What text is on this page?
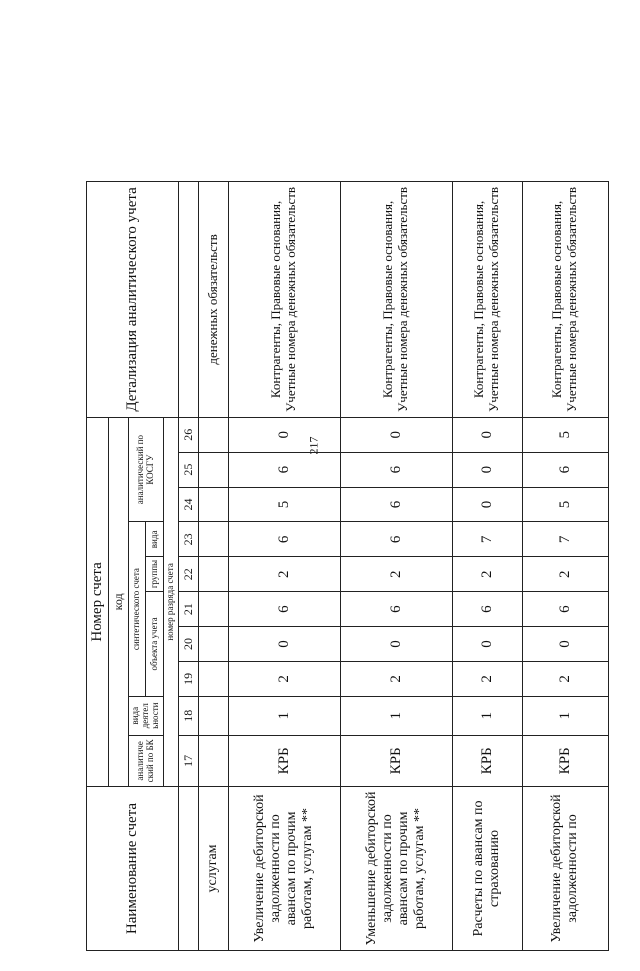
217
Наименование счета	Номер счета										Детализация аналитического учета
	код										
	аналитиче ский по БК	вида деятел ьности	синтетического счета					аналитический по КОСГУ			
			объекта учета			группы	вида				
	номер разряда счета										
	17	18	19	20	21	22	23	24	25	26	
услугам											денежных обязательств
Увеличение дебиторской задолженности по авансам по прочим работам, услугам **	КРБ	1	2	0	6	2	6	5	6	0	Контрагенты, Правовые основания, Учетные номера денежных обязательств
Уменьшение дебиторской задолженности по авансам по прочим работам, услугам **	КРБ	1	2	0	6	2	6	6	6	0	Контрагенты, Правовые основания, Учетные номера денежных обязательств
Расчеты по авансам по страхованию	КРБ	1	2	0	6	2	7	0	0	0	Контрагенты, Правовые основания, Учетные номера денежных обязательств
Увеличение дебиторской задолженности по	КРБ	1	2	0	6	2	7	5	6	5	Контрагенты, Правовые основания, Учетные номера денежных обязательств
